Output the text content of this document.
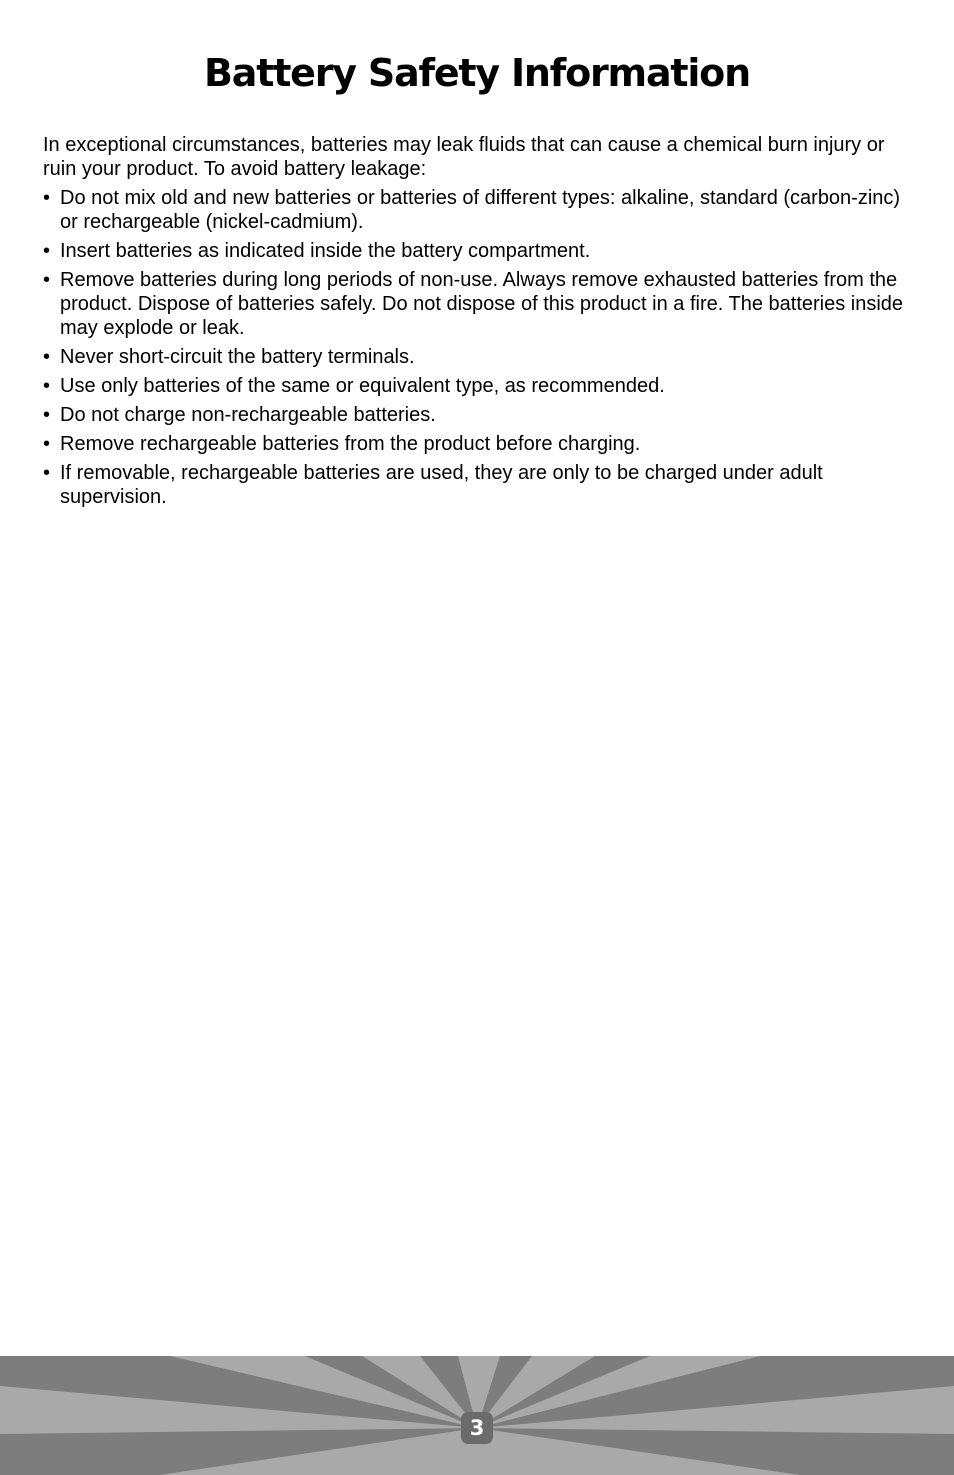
Battery Safety Information

In exceptional circumstances, batteries may leak fluids that can cause a chemical burn injury or ruin your product. To avoid battery leakage:

• Do not mix old and new batteries or batteries of different types: alkaline, standard (carbon-zinc) or rechargeable (nickel-cadmium).
• Insert batteries as indicated inside the battery compartment.
• Remove batteries during long periods of non-use. Always remove exhausted batteries from the product. Dispose of batteries safely. Do not dispose of this product in a fire. The batteries inside may explode or leak.
• Never short-circuit the battery terminals.
• Use only batteries of the same or equivalent type, as recommended.
• Do not charge non-rechargeable batteries.
• Remove rechargeable batteries from the product before charging.
• If removable, rechargeable batteries are used, they are only to be charged under adult supervision.
3
